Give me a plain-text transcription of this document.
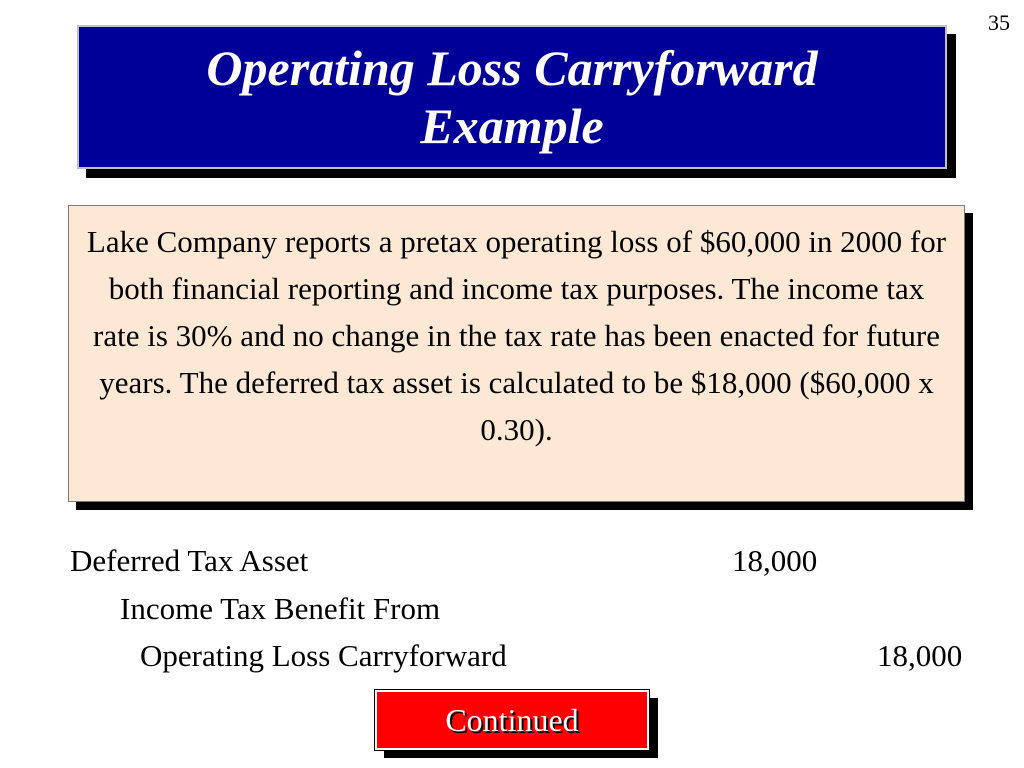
35
Operating Loss Carryforward
Example
Lake Company reports a pretax operating loss of $60,000 in 2000 for both financial reporting and income tax purposes. The income tax rate is 30% and no change in the tax rate has been enacted for future years. The deferred tax asset is calculated to be $18,000 ($60,000 x 0.30).
Deferred Tax Asset	18,000
Income Tax Benefit From
Operating Loss Carryforward	18,000
Continued
